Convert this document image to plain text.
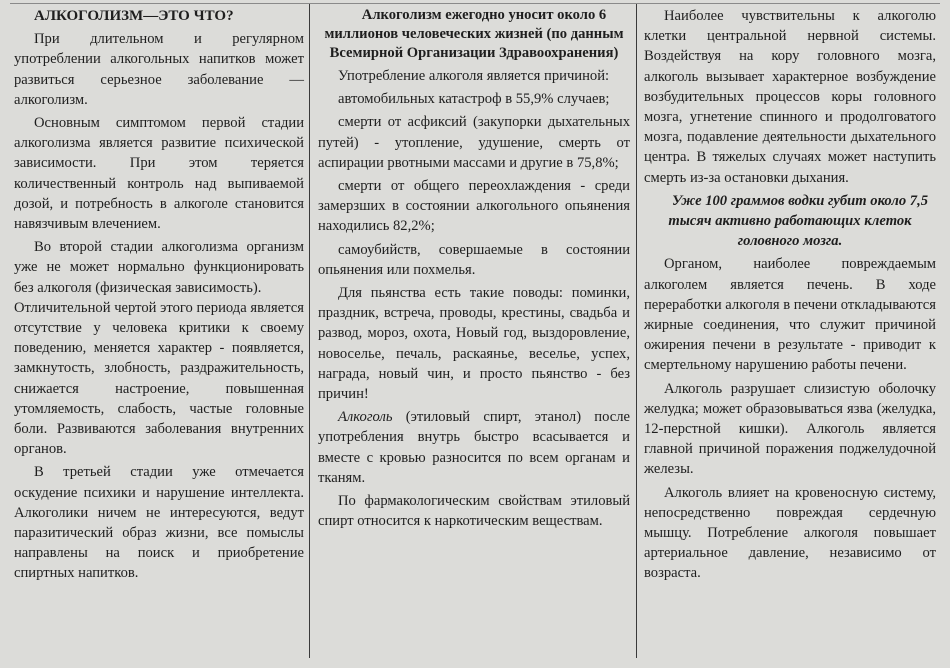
АЛКОГОЛИЗМ—ЭТО ЧТО?

При длительном и регулярном употреблении алкогольных напитков может развиться серьезное заболевание — алкоголизм.

Основным симптомом первой стадии алкоголизма является развитие психической зависимости. При этом теряется количественный контроль над выпиваемой дозой, и потребность в алкоголе становится навязчивым влечением.

Во второй стадии алкоголизма организм уже не может нормально функционировать без алкоголя (физическая зависимость).

Отличительной чертой этого периода является отсутствие у человека критики к своему поведению, меняется характер - появляется, замкнутость, злобность, раздражительность, снижается настроение, повышенная утомляемость, слабость, частые головные боли. Развиваются заболевания внутренних органов.

В третьей стадии уже отмечается оскудение психики и нарушение интеллекта. Алкоголики ничем не интересуются, ведут паразитический образ жизни, все помыслы направлены на поиск и приобретение спиртных напитков.

Алкоголизм ежегодно уносит около 6 миллионов человеческих жизней (по данным Всемирной Организации Здравоохранения)

Употребление алкоголя является причиной:

автомобильных катастроф в 55,9% случаев;

смерти от асфиксий (закупорки дыхательных путей) - утопление, удушение, смерть от аспирации рвотными массами и другие в 75,8%;

смерти от общего переохлаждения - среди замерзших в состоянии алкогольного опьянения находились 82,2%;

самоубийств, совершаемые в состоянии опьянения или похмелья.

Для пьянства есть такие поводы: поминки, праздник, встреча, проводы, крестины, свадьба и развод, мороз, охота, Новый год, выздоровление, новоселье, печаль, раскаянье, веселье, успех, награда, новый чин, и просто пьянство - без причин!

Алкоголь (этиловый спирт, этанол) после употребления внутрь быстро всасывается и вместе с кровью разносится по всем органам и тканям.

По фармакологическим свойствам этиловый спирт относится к наркотическим веществам.

Наиболее чувствительны к алкоголю клетки центральной нервной системы. Воздействуя на кору головного мозга, алкоголь вызывает характерное возбуждение возбудительных процессов коры головного мозга, угнетение спинного и продолговатого мозга, подавление деятельности дыхательного центра. В тяжелых случаях может наступить смерть из-за остановки дыхания.

Уже 100 граммов водки губит около 7,5 тысяч активно работающих клеток головного мозга.

Органом, наиболее повреждаемым алкоголем является печень. В ходе переработки алкоголя в печени откладываются жирные соединения, что служит причиной ожирения печени в результате - приводит к смертельному нарушению работы печени.

Алкоголь разрушает слизистую оболочку желудка; может образовываться язва (желудка, 12-перстной кишки). Алкоголь является главной причиной поражения поджелудочной железы.

Алкоголь влияет на кровеносную систему, непосредственно повреждая сердечную мышцу. Потребление алкоголя повышает артериальное давление, независимо от возраста.
